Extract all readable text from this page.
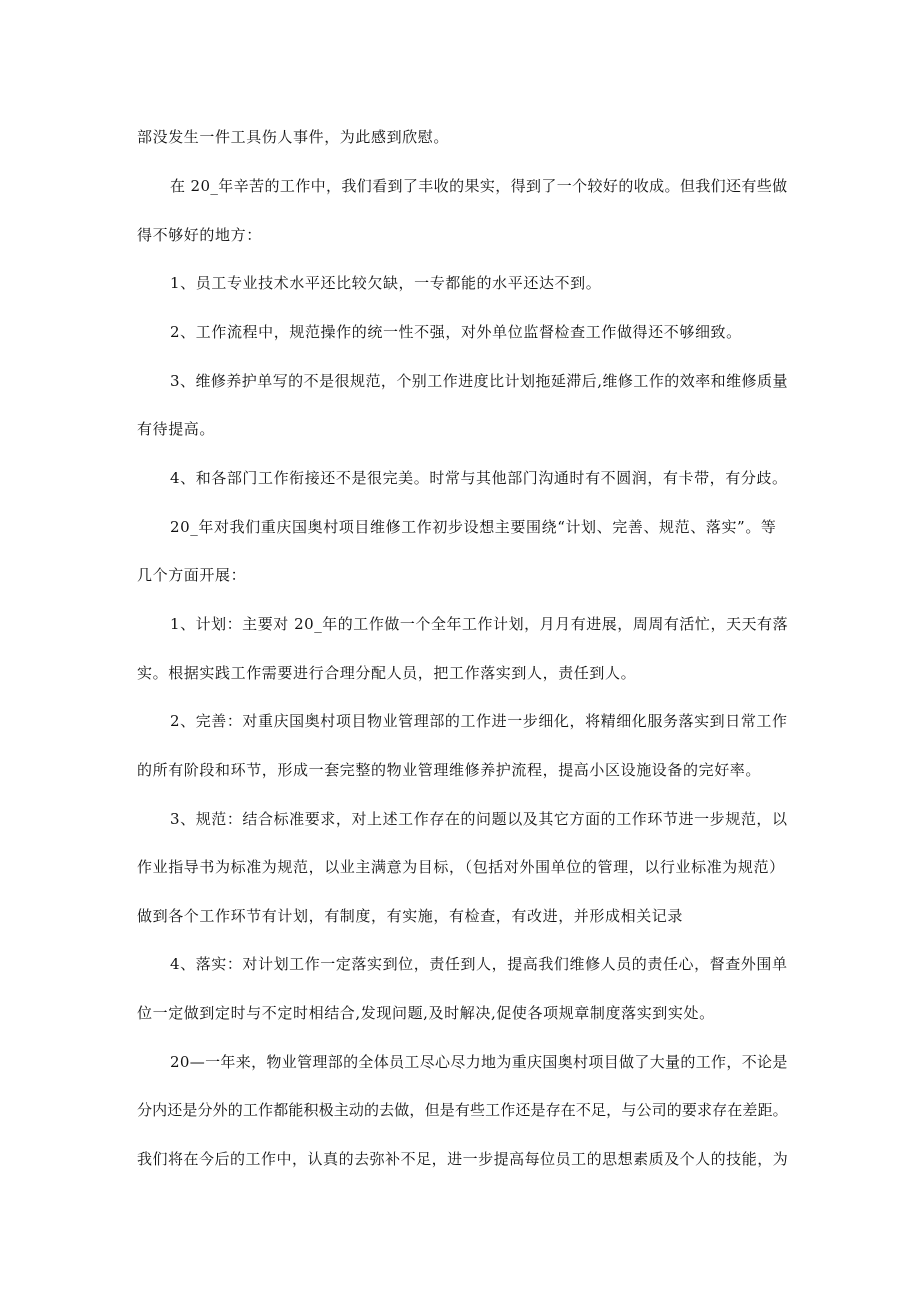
部没发生一件工具伤人事件，为此感到欣慰。
在 20_年辛苦的工作中，我们看到了丰收的果实，得到了一个较好的收成。但我们还有些做
得不够好的地方：
1、员工专业技术水平还比较欠缺，一专都能的水平还达不到。
2、工作流程中，规范操作的统一性不强，对外单位监督检查工作做得还不够细致。
3、维修养护单写的不是很规范，个别工作进度比计划拖延滞后,维修工作的效率和维修质量
有待提高。
4、和各部门工作衔接还不是很完美。时常与其他部门沟通时有不圆润，有卡带，有分歧。
20_年对我们重庆国奥村项目维修工作初步设想主要围绕“计划、完善、规范、落实”。等
几个方面开展：
1、计划：主要对 20_年的工作做一个全年工作计划，月月有进展，周周有活忙，天天有落
实。根据实践工作需要进行合理分配人员，把工作落实到人，责任到人。
2、完善：对重庆国奥村项目物业管理部的工作进一步细化，将精细化服务落实到日常工作
的所有阶段和环节，形成一套完整的物业管理维修养护流程，提高小区设施设备的完好率。
3、规范：结合标准要求，对上述工作存在的问题以及其它方面的工作环节进一步规范，以
作业指导书为标准为规范，以业主满意为目标，（包括对外围单位的管理，以行业标准为规范）
做到各个工作环节有计划，有制度，有实施，有检查，有改进，并形成相关记录
4、落实：对计划工作一定落实到位，责任到人，提高我们维修人员的责任心，督查外围单
位一定做到定时与不定时相结合,发现问题,及时解决,促使各项规章制度落实到实处。
20—一年来，物业管理部的全体员工尽心尽力地为重庆国奥村项目做了大量的工作，不论是
分内还是分外的工作都能积极主动的去做，但是有些工作还是存在不足，与公司的要求存在差距。
我们将在今后的工作中，认真的去弥补不足，进一步提高每位员工的思想素质及个人的技能，为
